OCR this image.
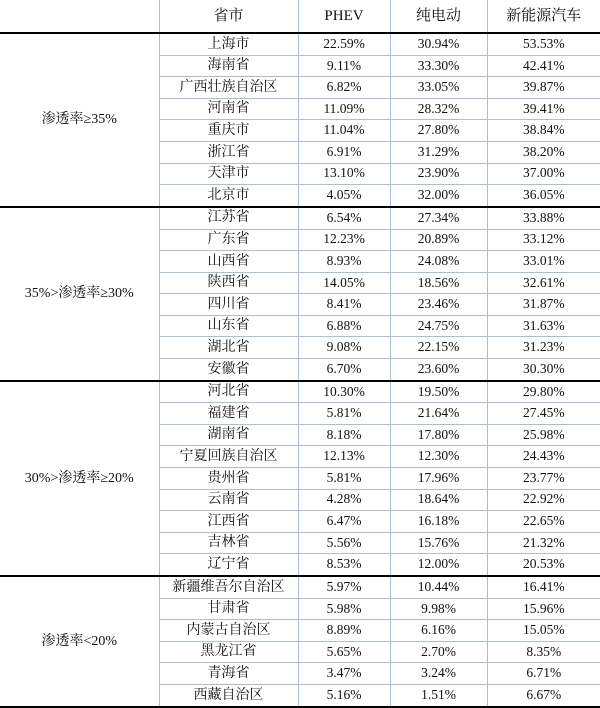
	省市	PHEV	纯电动	新能源汽车
渗透率≥35%	上海市	22.59%	30.94%	53.53%
	海南省	9.11%	33.30%	42.41%
	广西壮族自治区	6.82%	33.05%	39.87%
	河南省	11.09%	28.32%	39.41%
	重庆市	11.04%	27.80%	38.84%
	浙江省	6.91%	31.29%	38.20%
	天津市	13.10%	23.90%	37.00%
	北京市	4.05%	32.00%	36.05%
35%>渗透率≥30%	江苏省	6.54%	27.34%	33.88%
	广东省	12.23%	20.89%	33.12%
	山西省	8.93%	24.08%	33.01%
	陕西省	14.05%	18.56%	32.61%
	四川省	8.41%	23.46%	31.87%
	山东省	6.88%	24.75%	31.63%
	湖北省	9.08%	22.15%	31.23%
	安徽省	6.70%	23.60%	30.30%
30%>渗透率≥20%	河北省	10.30%	19.50%	29.80%
	福建省	5.81%	21.64%	27.45%
	湖南省	8.18%	17.80%	25.98%
	宁夏回族自治区	12.13%	12.30%	24.43%
	贵州省	5.81%	17.96%	23.77%
	云南省	4.28%	18.64%	22.92%
	江西省	6.47%	16.18%	22.65%
	吉林省	5.56%	15.76%	21.32%
	辽宁省	8.53%	12.00%	20.53%
渗透率<20%	新疆维吾尔自治区	5.97%	10.44%	16.41%
	甘肃省	5.98%	9.98%	15.96%
	内蒙古自治区	8.89%	6.16%	15.05%
	黑龙江省	5.65%	2.70%	8.35%
	青海省	3.47%	3.24%	6.71%
	西藏自治区	5.16%	1.51%	6.67%
